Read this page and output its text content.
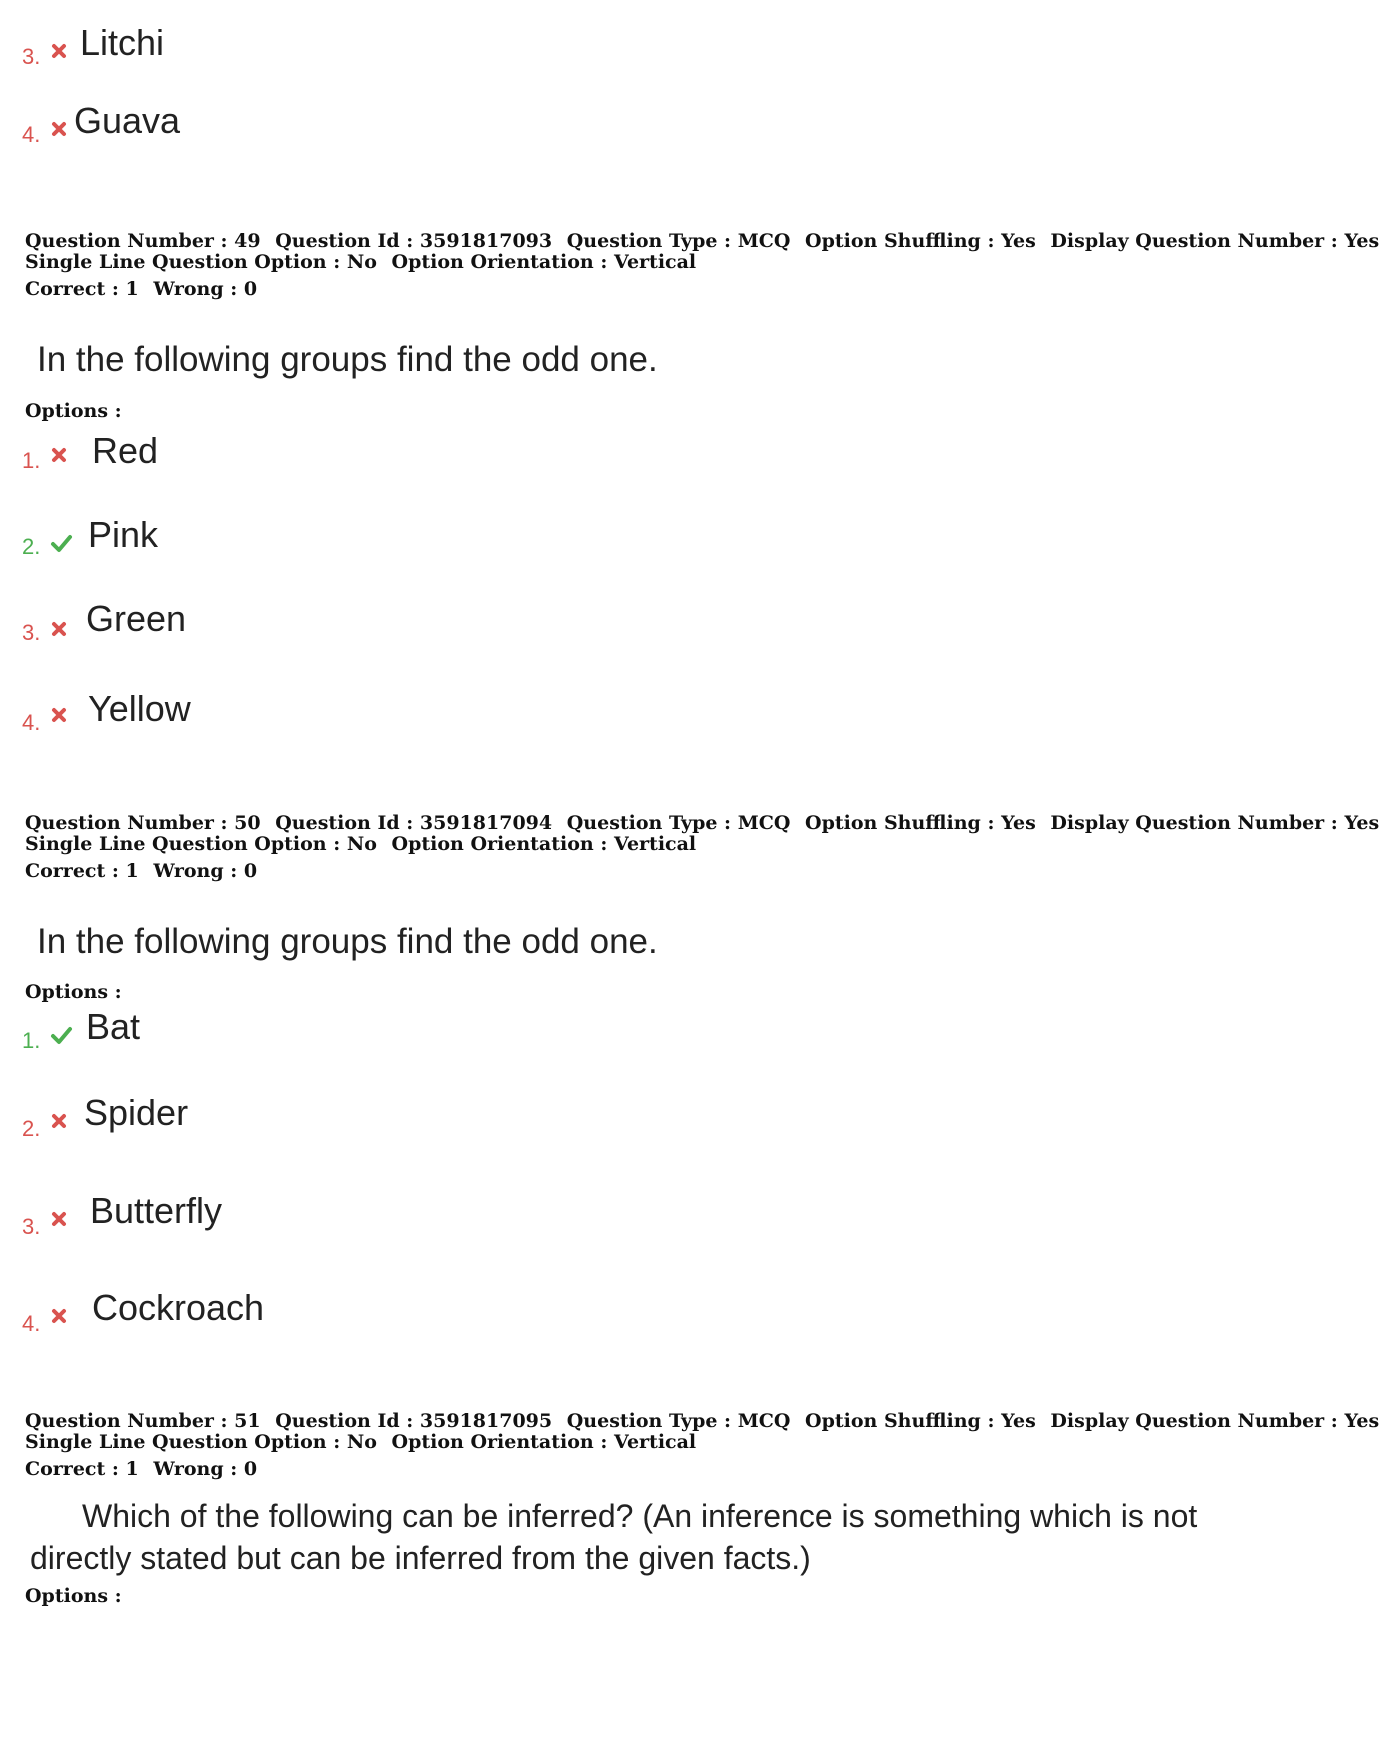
3. Litchi
4. Guava
Question Number : 49 Question Id : 3591817093 Question Type : MCQ Option Shuffling : Yes Display Question Number : Yes
Single Line Question Option : No Option Orientation : Vertical
Correct : 1 Wrong : 0
In the following groups find the odd one.
Options :
1. Red
2. Pink
3. Green
4. Yellow
Question Number : 50 Question Id : 3591817094 Question Type : MCQ Option Shuffling : Yes Display Question Number : Yes
Single Line Question Option : No Option Orientation : Vertical
Correct : 1 Wrong : 0
In the following groups find the odd one.
Options :
1. Bat
2. Spider
3. Butterfly
4. Cockroach
Question Number : 51 Question Id : 3591817095 Question Type : MCQ Option Shuffling : Yes Display Question Number : Yes
Single Line Question Option : No Option Orientation : Vertical
Correct : 1 Wrong : 0
Which of the following can be inferred? (An inference is something which is not
directly stated but can be inferred from the given facts.)
Options :
